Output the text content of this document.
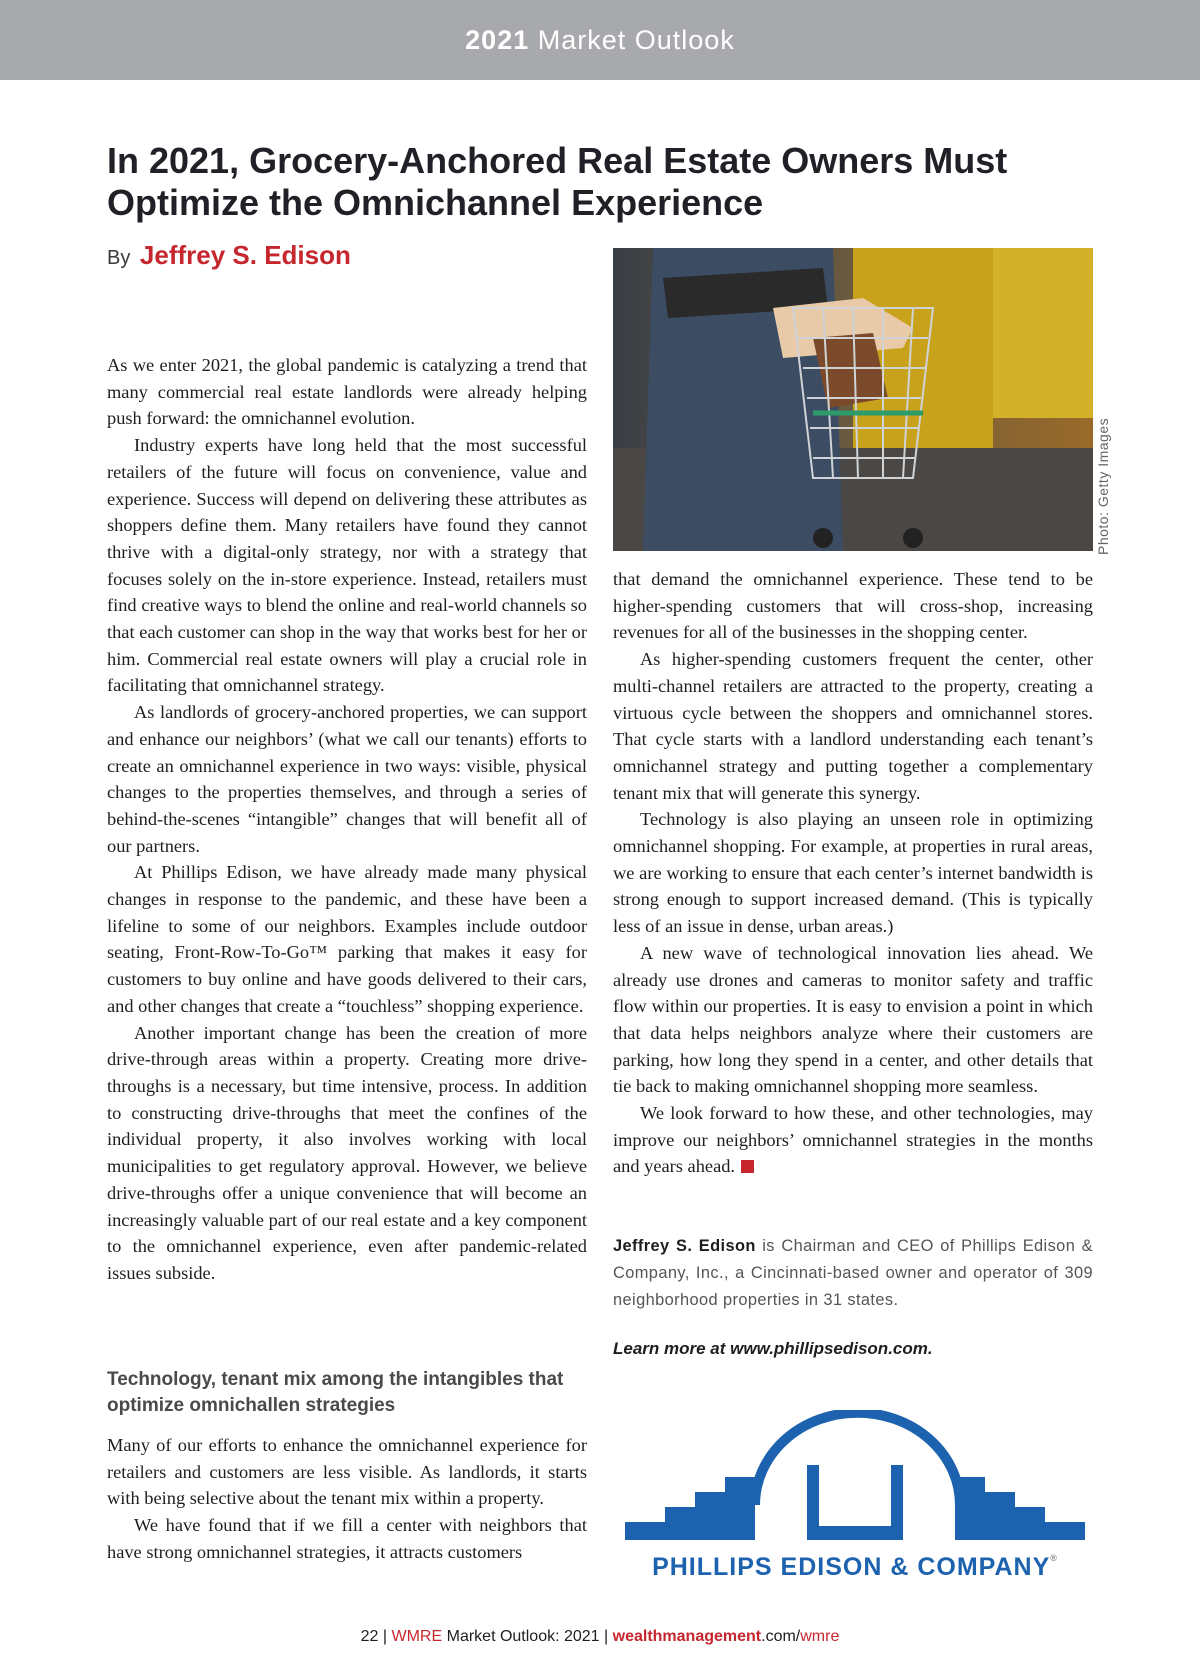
2021 Market Outlook
In 2021, Grocery-Anchored Real Estate Owners Must Optimize the Omnichannel Experience
By Jeffrey S. Edison
Photo: Getty Images

As we enter 2021, the global pandemic is catalyzing a trend that many commercial real estate landlords were already helping push forward: the omnichannel evolution.

Industry experts have long held that the most successful retailers of the future will focus on convenience, value and experience. Success will depend on delivering these attributes as shoppers define them. Many retailers have found they cannot thrive with a digital-only strategy, nor with a strategy that focuses solely on the in-store experience. Instead, retailers must find creative ways to blend the online and real-world channels so that each customer can shop in the way that works best for her or him. Commercial real estate owners will play a crucial role in facilitating that omnichannel strategy.

As landlords of grocery-anchored properties, we can support and enhance our neighbors’ (what we call our tenants) efforts to create an omnichannel experience in two ways: visible, physical changes to the properties themselves, and through a series of behind-the-scenes “intangible” changes that will benefit all of our partners.

At Phillips Edison, we have already made many physical changes in response to the pandemic, and these have been a lifeline to some of our neighbors. Examples include outdoor seating, Front-Row-To-Go™ parking that makes it easy for customers to buy online and have goods delivered to their cars, and other changes that create a “touchless” shopping experience.

Another important change has been the creation of more drive-through areas within a property. Creating more drive-throughs is a necessary, but time intensive, process. In addition to constructing drive-throughs that meet the confines of the individual property, it also involves working with local municipalities to get regulatory approval. However, we believe drive-throughs offer a unique convenience that will become an increasingly valuable part of our real estate and a key component to the omnichannel experience, even after pandemic-related issues subside.

Technology, tenant mix among the intangibles that optimize omnichallen strategies

Many of our efforts to enhance the omnichannel experience for retailers and customers are less visible. As landlords, it starts with being selective about the tenant mix within a property.

We have found that if we fill a center with neighbors that have strong omnichannel strategies, it attracts customers

that demand the omnichannel experience. These tend to be higher-spending customers that will cross-shop, increasing revenues for all of the businesses in the shopping center.

As higher-spending customers frequent the center, other multi-channel retailers are attracted to the property, creating a virtuous cycle between the shoppers and omnichannel stores. That cycle starts with a landlord understanding each tenant’s omnichannel strategy and putting together a complementary tenant mix that will generate this synergy.

Technology is also playing an unseen role in optimizing omnichannel shopping. For example, at properties in rural areas, we are working to ensure that each center’s internet bandwidth is strong enough to support increased demand. (This is typically less of an issue in dense, urban areas.)

A new wave of technological innovation lies ahead. We already use drones and cameras to monitor safety and traffic flow within our properties. It is easy to envision a point in which that data helps neighbors analyze where their customers are parking, how long they spend in a center, and other details that tie back to making omnichannel shopping more seamless.

We look forward to how these, and other technologies, may improve our neighbors’ omnichannel strategies in the months and years ahead.

Jeffrey S. Edison is Chairman and CEO of Phillips Edison & Company, Inc., a Cincinnati-based owner and operator of 309 neighborhood properties in 31 states.
Learn more at www.phillipsedison.com.
PHILLIPS EDISON & COMPANY®
22 | WMRE Market Outlook: 2021 | wealthmanagement.com/wmre
